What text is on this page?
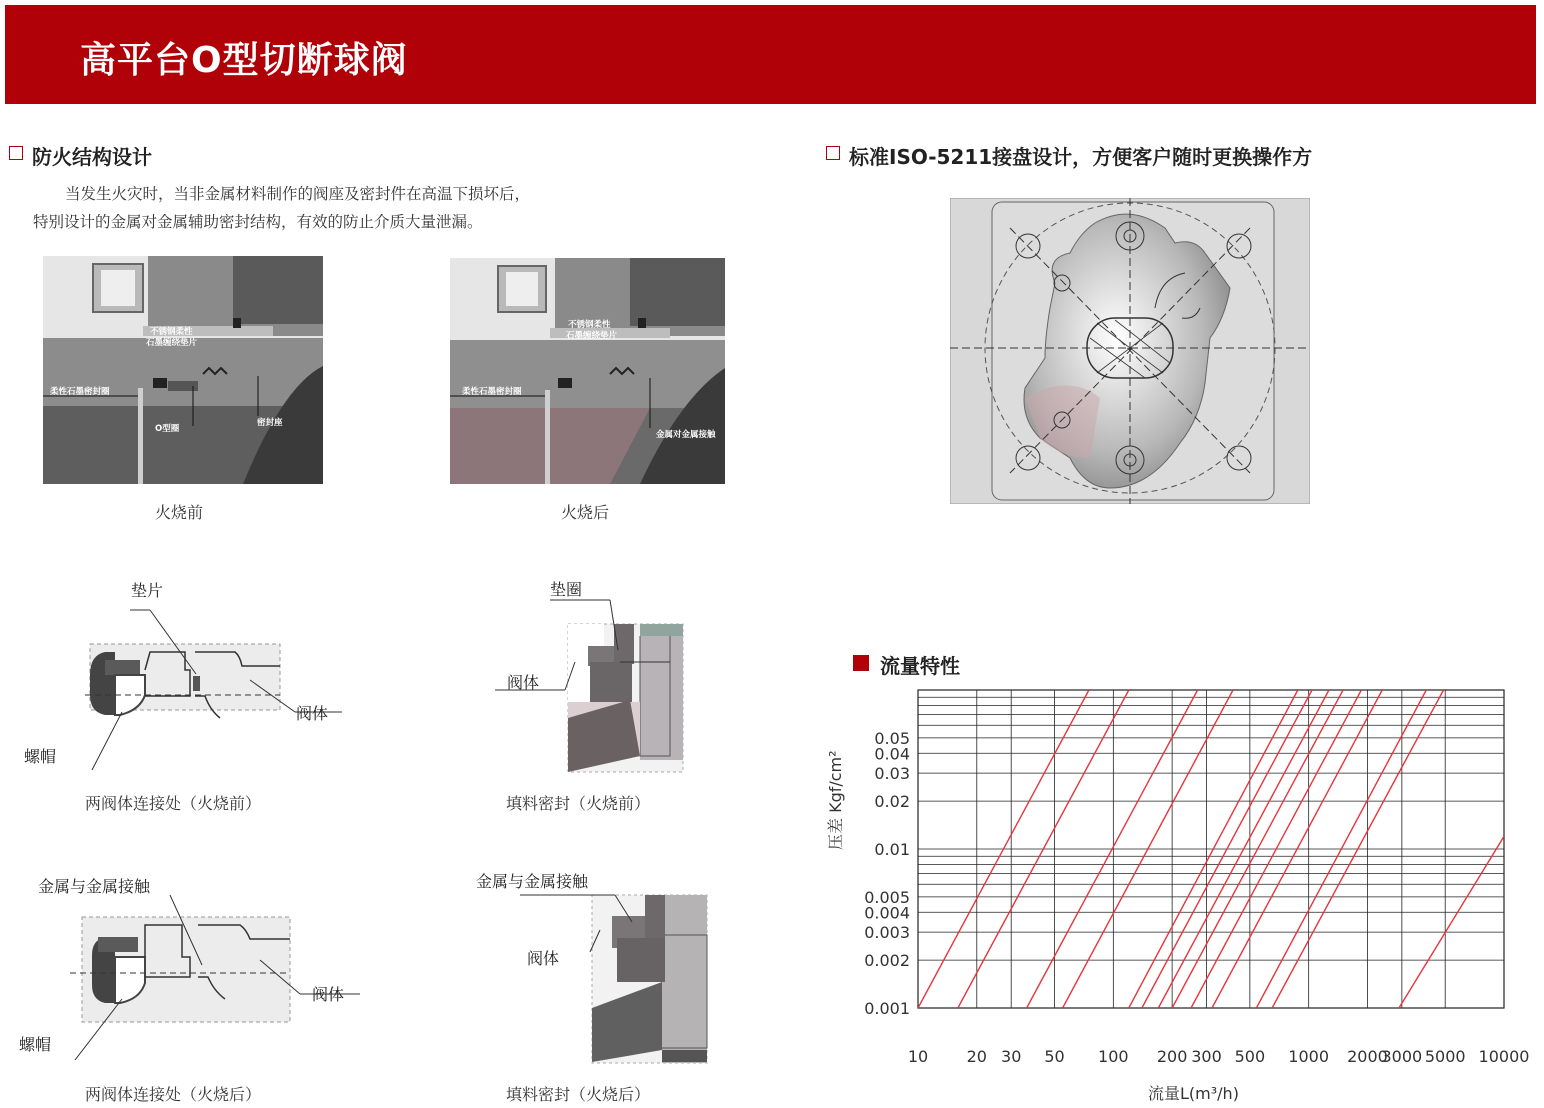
高平台O型切断球阀
防火结构设计
当发生火灾时，当非金属材料制作的阀座及密封件在高温下损坏后，
特别设计的金属对金属辅助密封结构，有效的防止介质大量泄漏。
不锈钢柔性
石墨缠绕垫片
柔性石墨密封圈
密封座
O型圈
火烧前
不锈钢柔性
石墨缠绕垫片
柔性石墨密封圈
金属对金属接触
火烧后
垫片
阀体
螺帽
两阀体连接处（火烧前）
垫圈
阀体
填料密封（火烧前）
金属与金属接触
阀体
螺帽
两阀体连接处（火烧后）
金属与金属接触
阀体
填料密封（火烧后）
标准ISO-5211接盘设计，方便客户随时更换操作方
流量特性
10 20 30 50 100 200 300 500 1000 2000
3000 5000 10000
0.001
0.002
0.003
0.004
0.005
0.01
0.02
0.03
0.04
0.05
压差 Kgf/cm²
流量L(m³/h)
